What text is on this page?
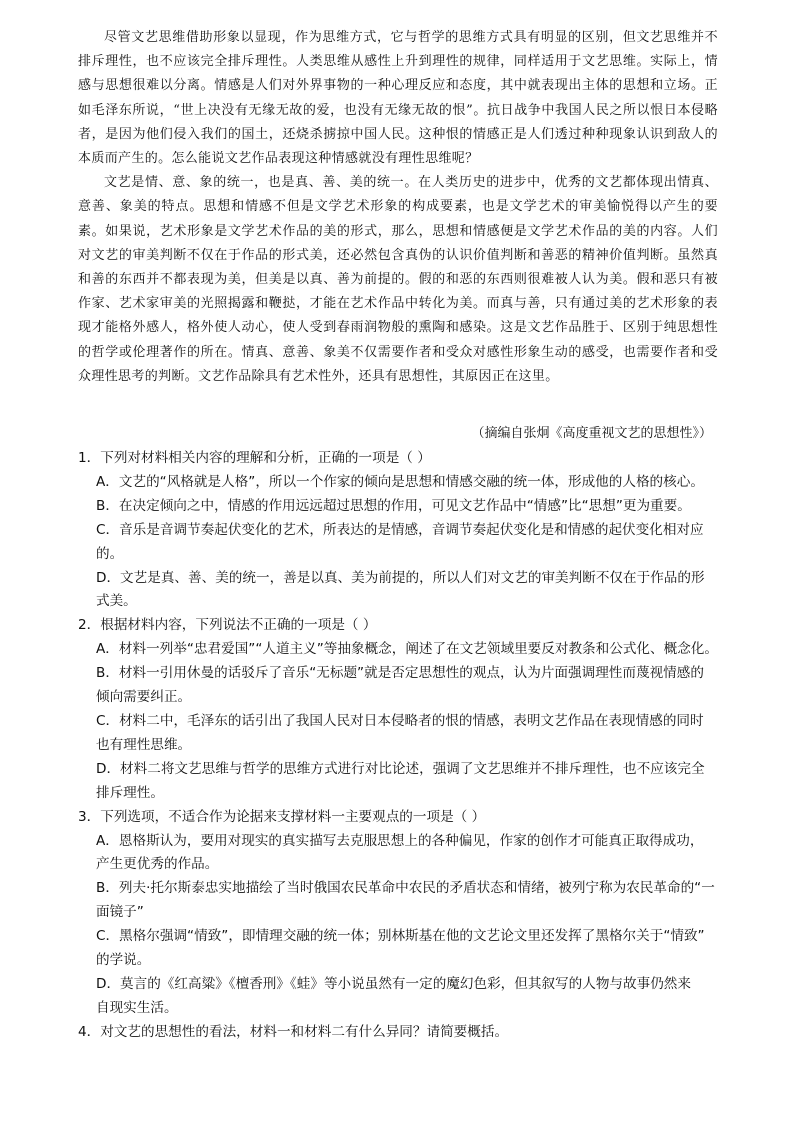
尽管文艺思维借助形象以显现，作为思维方式，它与哲学的思维方式具有明显的区别，但文艺思维并不排斥理性，也不应该完全排斥理性。人类思维从感性上升到理性的规律，同样适用于文艺思维。实际上，情感与思想很难以分离。情感是人们对外界事物的一种心理反应和态度，其中就表现出主体的思想和立场。正如毛泽东所说，“世上决没有无缘无故的爱，也没有无缘无故的恨”。抗日战争中我国人民之所以恨日本侵略者，是因为他们侵入我们的国土，还烧杀掳掠中国人民。这种恨的情感正是人们透过种种现象认识到敌人的本质而产生的。怎么能说文艺作品表现这种情感就没有理性思维呢？

文艺是情、意、象的统一，也是真、善、美的统一。在人类历史的进步中，优秀的文艺都体现出情真、意善、象美的特点。思想和情感不但是文学艺术形象的构成要素，也是文学艺术的审美愉悦得以产生的要素。如果说，艺术形象是文学艺术作品的美的形式，那么，思想和情感便是文学艺术作品的美的内容。人们对文艺的审美判断不仅在于作品的形式美，还必然包含真伪的认识价值判断和善恶的精神价值判断。虽然真和善的东西并不都表现为美，但美是以真、善为前提的。假的和恶的东西则很难被人认为美。假和恶只有被作家、艺术家审美的光照揭露和鞭挞，才能在艺术作品中转化为美。而真与善，只有通过美的艺术形象的表现才能格外感人，格外使人动心，使人受到春雨润物般的熏陶和感染。这是文艺作品胜于、区别于纯思想性的哲学或伦理著作的所在。情真、意善、象美不仅需要作者和受众对感性形象生动的感受，也需要作者和受众理性思考的判断。文艺作品除具有艺术性外，还具有思想性，其原因正在这里。

（摘编自张炯《高度重视文艺的思想性》）
1．下列对材料相关内容的理解和分析，正确的一项是（ ）
A．文艺的“风格就是人格”，所以一个作家的倾向是思想和情感交融的统一体，形成他的人格的核心。
B．在决定倾向之中，情感的作用远远超过思想的作用，可见文艺作品中“情感”比“思想”更为重要。
C．音乐是音调节奏起伏变化的艺术，所表达的是情感，音调节奏起伏变化是和情感的起伏变化相对应
的。
D．文艺是真、善、美的统一，善是以真、美为前提的，所以人们对文艺的审美判断不仅在于作品的形
式美。
2．根据材料内容，下列说法不正确的一项是（ ）
A．材料一列举“忠君爱国”“人道主义”等抽象概念，阐述了在文艺领域里要反对教条和公式化、概念化。
B．材料一引用休曼的话驳斥了音乐“无标题”就是否定思想性的观点，认为片面强调理性而蔑视情感的
倾向需要纠正。
C．材料二中，毛泽东的话引出了我国人民对日本侵略者的恨的情感，表明文艺作品在表现情感的同时
也有理性思维。
D．材料二将文艺思维与哲学的思维方式进行对比论述，强调了文艺思维并不排斥理性，也不应该完全
排斥理性。
3．下列选项，不适合作为论据来支撑材料一主要观点的一项是（ ）
A．恩格斯认为，要用对现实的真实描写去克服思想上的各种偏见，作家的创作才可能真正取得成功，
产生更优秀的作品。
B．列夫·托尔斯泰忠实地描绘了当时俄国农民革命中农民的矛盾状态和情绪，被列宁称为农民革命的“一
面镜子”
C．黑格尔强调“情致”，即情理交融的统一体；别林斯基在他的文艺论文里还发挥了黑格尔关于“情致”
的学说。
D．莫言的《红高粱》《檀香刑》《蛙》等小说虽然有一定的魔幻色彩，但其叙写的人物与故事仍然来
自现实生活。
4．对文艺的思想性的看法，材料一和材料二有什么异同？请简要概括。
